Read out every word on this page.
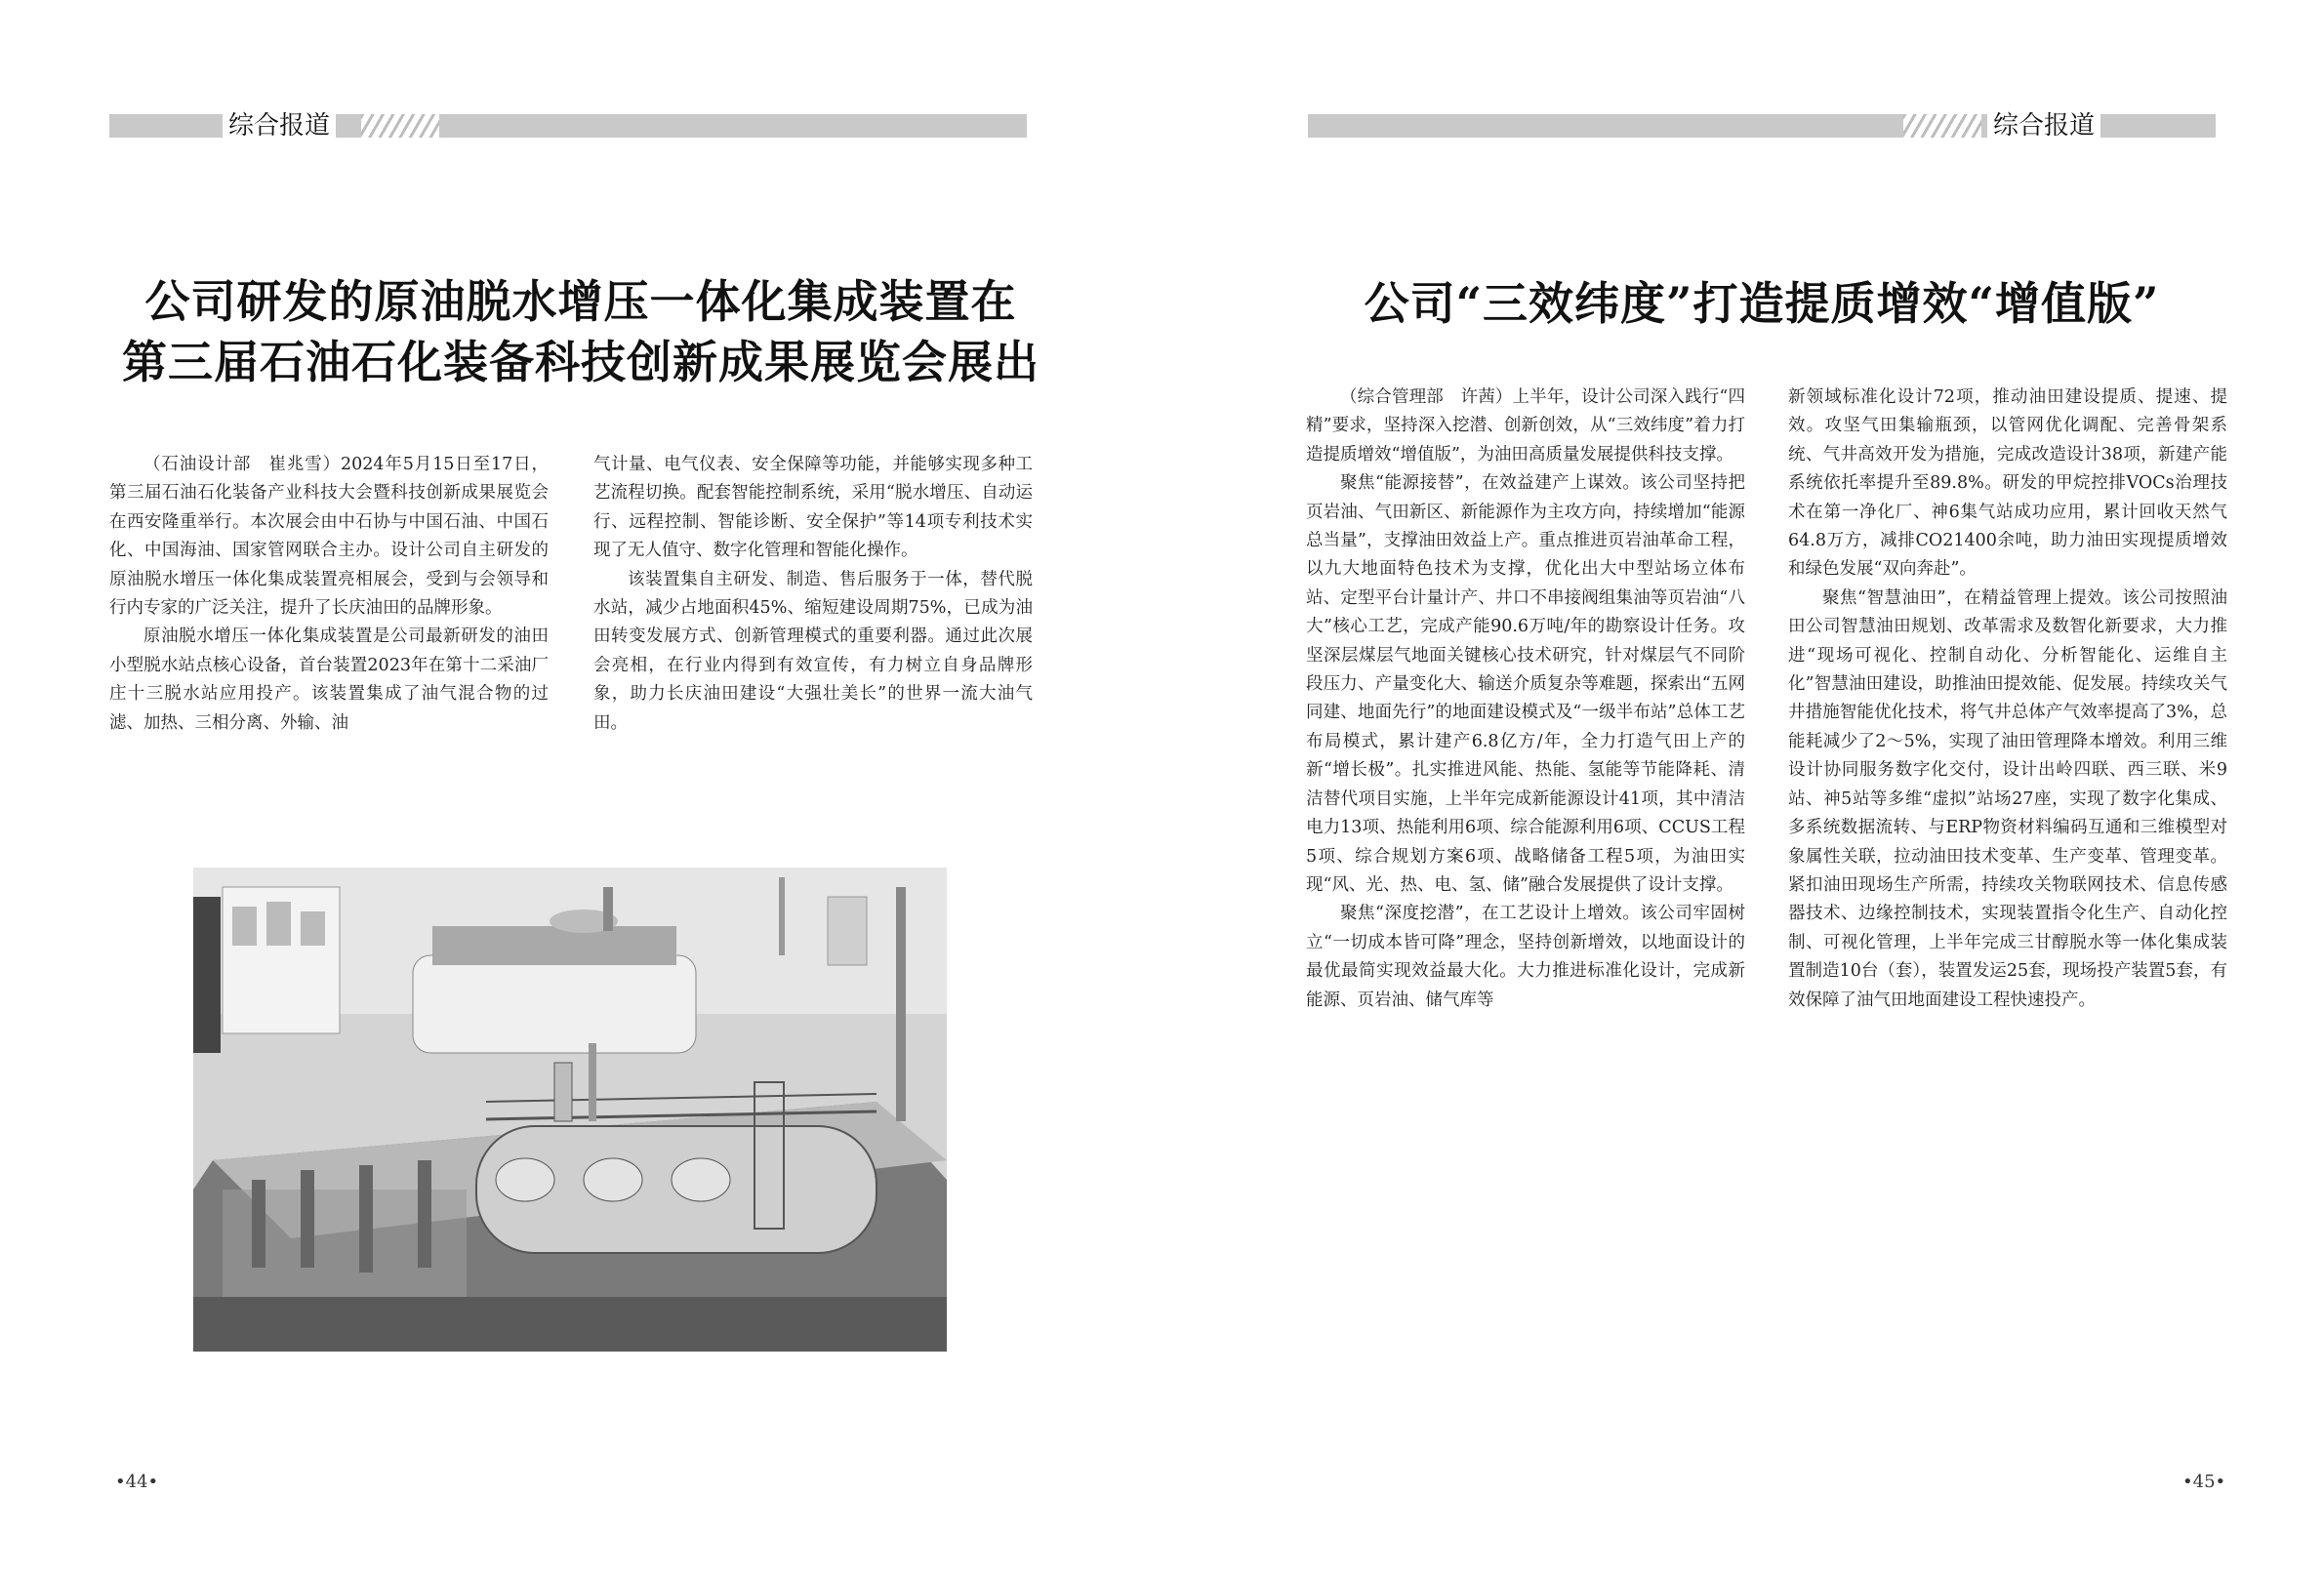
综合报道
公司研发的原油脱水增压一体化集成装置在
第三届石油石化装备科技创新成果展览会展出

（石油设计部　崔兆雪）2024年5月15日至17日，第三届石油石化装备产业科技大会暨科技创新成果展览会在西安隆重举行。本次展会由中石协与中国石油、中国石化、中国海油、国家管网联合主办。设计公司自主研发的原油脱水增压一体化集成装置亮相展会，受到与会领导和行内专家的广泛关注，提升了长庆油田的品牌形象。

原油脱水增压一体化集成装置是公司最新研发的油田小型脱水站点核心设备，首台装置2023年在第十二采油厂庄十三脱水站应用投产。该装置集成了油气混合物的过滤、加热、三相分离、外输、油

气计量、电气仪表、安全保障等功能，并能够实现多种工艺流程切换。配套智能控制系统，采用“脱水增压、自动运行、远程控制、智能诊断、安全保护”等14项专利技术实现了无人值守、数字化管理和智能化操作。

该装置集自主研发、制造、售后服务于一体，替代脱水站，减少占地面积45%、缩短建设周期75%，已成为油田转变发展方式、创新管理模式的重要利器。通过此次展会亮相，在行业内得到有效宣传，有力树立自身品牌形象，助力长庆油田建设“大强壮美长”的世界一流大油气田。

•44•
综合报道
公司“三效纬度”打造提质增效“增值版”

（综合管理部　许茜）上半年，设计公司深入践行“四精”要求，坚持深入挖潜、创新创效，从“三效纬度”着力打造提质增效“增值版”，为油田高质量发展提供科技支撑。

聚焦“能源接替”，在效益建产上谋效。该公司坚持把页岩油、气田新区、新能源作为主攻方向，持续增加“能源总当量”，支撑油田效益上产。重点推进页岩油革命工程，以九大地面特色技术为支撑，优化出大中型站场立体布站、定型平台计量计产、井口不串接阀组集油等页岩油“八大”核心工艺，完成产能90.6万吨/年的勘察设计任务。攻坚深层煤层气地面关键核心技术研究，针对煤层气不同阶段压力、产量变化大、输送介质复杂等难题，探索出“五网同建、地面先行”的地面建设模式及“一级半布站”总体工艺布局模式，累计建产6.8亿方/年，全力打造气田上产的新“增长极”。扎实推进风能、热能、氢能等节能降耗、清洁替代项目实施，上半年完成新能源设计41项，其中清洁电力13项、热能利用6项、综合能源利用6项、CCUS工程5项、综合规划方案6项、战略储备工程5项，为油田实现“风、光、热、电、氢、储”融合发展提供了设计支撑。

聚焦“深度挖潜”，在工艺设计上增效。该公司牢固树立“一切成本皆可降”理念，坚持创新增效，以地面设计的最优最简实现效益最大化。大力推进标准化设计，完成新能源、页岩油、储气库等

新领域标准化设计72项，推动油田建设提质、提速、提效。攻坚气田集输瓶颈，以管网优化调配、完善骨架系统、气井高效开发为措施，完成改造设计38项，新建产能系统依托率提升至89.8%。研发的甲烷控排VOCs治理技术在第一净化厂、神6集气站成功应用，累计回收天然气64.8万方，减排CO21400余吨，助力油田实现提质增效和绿色发展“双向奔赴”。

聚焦“智慧油田”，在精益管理上提效。该公司按照油田公司智慧油田规划、改革需求及数智化新要求，大力推进“现场可视化、控制自动化、分析智能化、运维自主化”智慧油田建设，助推油田提效能、促发展。持续攻关气井措施智能优化技术，将气井总体产气效率提高了3%，总能耗减少了2～5%，实现了油田管理降本增效。利用三维设计协同服务数字化交付，设计出岭四联、西三联、米9站、神5站等多维“虚拟”站场27座，实现了数字化集成、多系统数据流转、与ERP物资材料编码互通和三维模型对象属性关联，拉动油田技术变革、生产变革、管理变革。紧扣油田现场生产所需，持续攻关物联网技术、信息传感器技术、边缘控制技术，实现装置指令化生产、自动化控制、可视化管理，上半年完成三甘醇脱水等一体化集成装置制造10台（套），装置发运25套，现场投产装置5套，有效保障了油气田地面建设工程快速投产。

•45•
